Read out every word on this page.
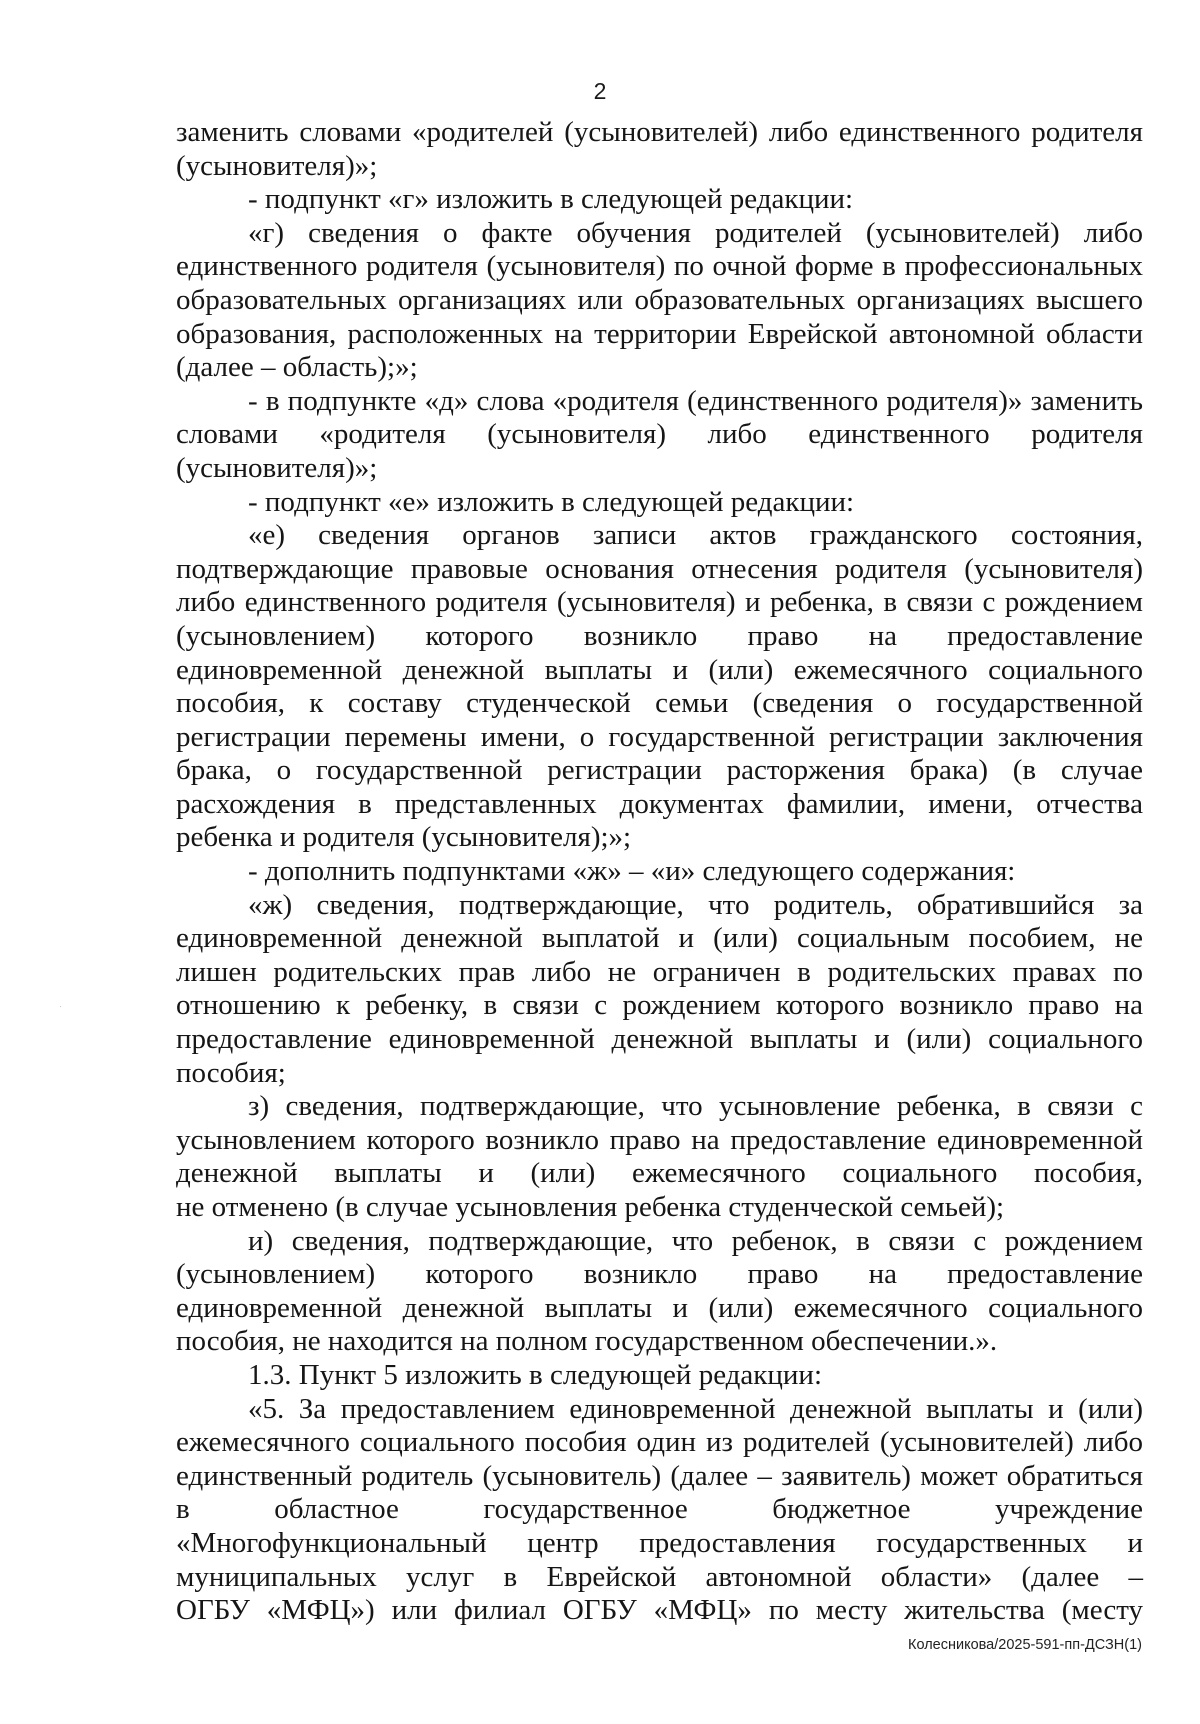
2
заменить словами «родителей (усыновителей) либо единственного родителя
(усыновителя)»;
- подпункт «г» изложить в следующей редакции:
«г) сведения о факте обучения родителей (усыновителей) либо
единственного родителя (усыновителя) по очной форме в профессиональных
образовательных организациях или образовательных организациях высшего
образования, расположенных на территории Еврейской автономной области
(далее – область);»;
- в подпункте «д» слова «родителя (единственного родителя)» заменить
словами «родителя (усыновителя) либо единственного родителя
(усыновителя)»;
- подпункт «е» изложить в следующей редакции:
«е) сведения органов записи актов гражданского состояния,
подтверждающие правовые основания отнесения родителя (усыновителя)
либо единственного родителя (усыновителя) и ребенка, в связи с рождением
(усыновлением) которого возникло право на предоставление
единовременной денежной выплаты и (или) ежемесячного социального
пособия, к составу студенческой семьи (сведения о государственной
регистрации перемены имени, о государственной регистрации заключения
брака, о государственной регистрации расторжения брака) (в случае
расхождения в представленных документах фамилии, имени, отчества
ребенка и родителя (усыновителя);»;
- дополнить подпунктами «ж» – «и» следующего содержания:
«ж) сведения, подтверждающие, что родитель, обратившийся за
единовременной денежной выплатой и (или) социальным пособием, не
лишен родительских прав либо не ограничен в родительских правах по
отношению к ребенку, в связи с рождением которого возникло право на
предоставление единовременной денежной выплаты и (или) социального
пособия;
з) сведения, подтверждающие, что усыновление ребенка, в связи с
усыновлением которого возникло право на предоставление единовременной
денежной выплаты и (или) ежемесячного социального пособия,
не отменено (в случае усыновления ребенка студенческой семьей);
и) сведения, подтверждающие, что ребенок, в связи с рождением
(усыновлением) которого возникло право на предоставление
единовременной денежной выплаты и (или) ежемесячного социального
пособия, не находится на полном государственном обеспечении.».
1.3. Пункт 5 изложить в следующей редакции:
«5. За предоставлением единовременной денежной выплаты и (или)
ежемесячного социального пособия один из родителей (усыновителей) либо
единственный родитель (усыновитель) (далее – заявитель) может обратиться
в областное государственное бюджетное учреждение
«Многофункциональный центр предоставления государственных и
муниципальных услуг в Еврейской автономной области» (далее –
ОГБУ «МФЦ») или филиал ОГБУ «МФЦ» по месту жительства (месту
Колесникова/2025-591-пп-ДСЗН(1)
